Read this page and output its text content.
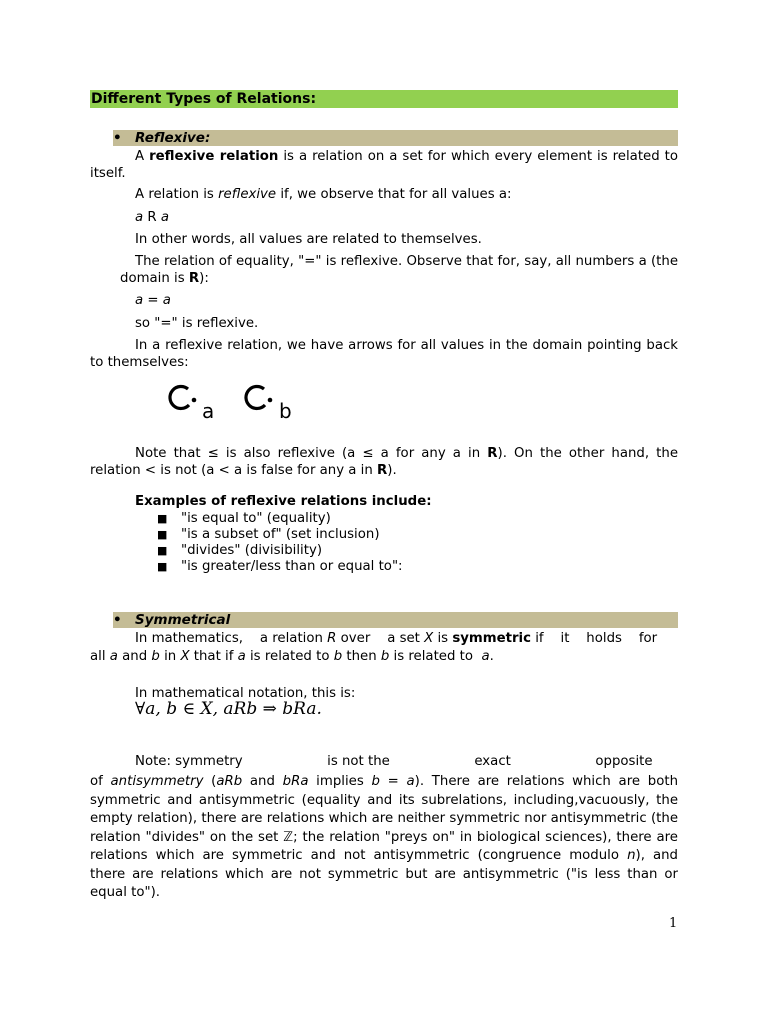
Different Types of Relations:
• Reflexive:
A reflexive relation is a relation on a set for which every element is related to itself.
A relation is reflexive if, we observe that for all values a:
a R a
In other words, all values are related to themselves.
The relation of equality, "=" is reflexive. Observe that for, say, all numbers a (the domain is R):
a = a
so "=" is reflexive.
In a reflexive relation, we have arrows for all values in the domain pointing back to themselves:
a	b
Note that ≤ is also reflexive (a ≤ a for any a in R). On the other hand, the relation < is not (a < a is false for any a in R).
Examples of reflexive relations include:
■ "is equal to" (equality)
■ "is a subset of" (set inclusion)
■ "divides" (divisibility)
■ "is greater/less than or equal to":
• Symmetrical
In mathematics,    a relation R over    a set X is symmetric if    it    holds    for
all a and b in X that if a is related to b then b is related to  a.
In mathematical notation, this is:
∀a, b ∈ X, aRb ⇒ bRa.
Note: symmetry                    is not the                    exact                    opposite
of antisymmetry (aRb and bRa implies b = a). There are relations which are both symmetric and antisymmetric (equality and its subrelations, including,vacuously, the empty relation), there are relations which are neither symmetric nor antisymmetric (the relation "divides" on the set ℤ; the relation "preys on" in biological sciences), there are relations which are symmetric and not antisymmetric (congruence modulo n), and there are relations which are not symmetric but are antisymmetric ("is less than or equal to").
1
